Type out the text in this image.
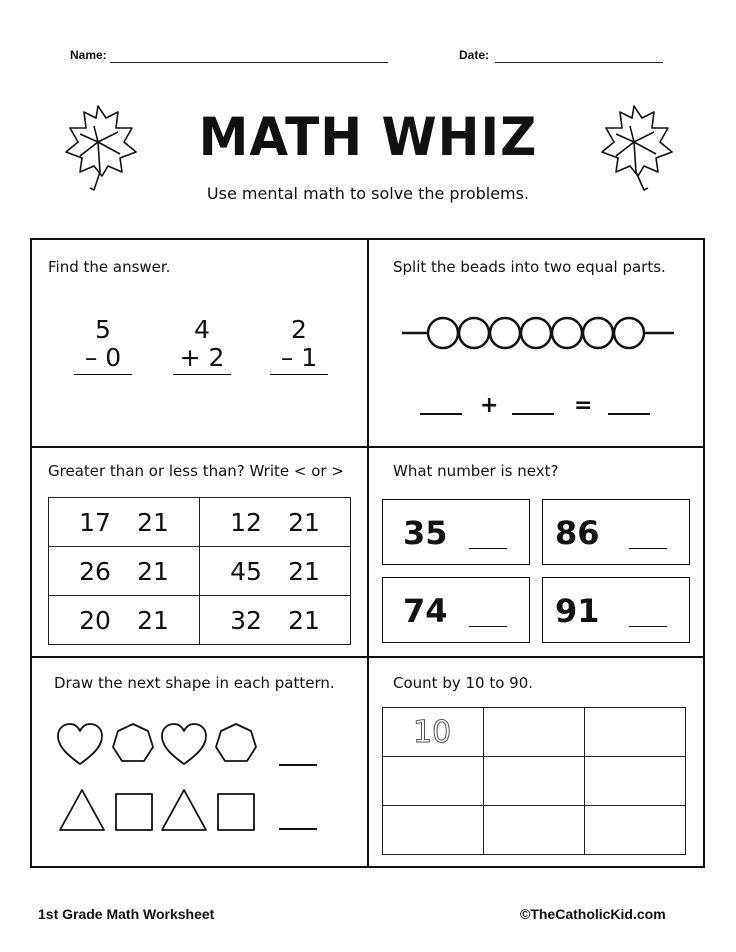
Name:	Date:
MATH WHIZ
Use mental math to solve the problems.
Find the answer.
5
– 0
4
+ 2
2
– 1
Split the beads into two equal parts.
+	=
Greater than or less than? Write < or >
17 21	12 21
26 21	45 21
20 21	32 21
What number is next?
35	86
74	91
Draw the next shape in each pattern.	Count by 10 to 90.
10		

1st Grade Math Worksheet	©TheCatholicKid.com
